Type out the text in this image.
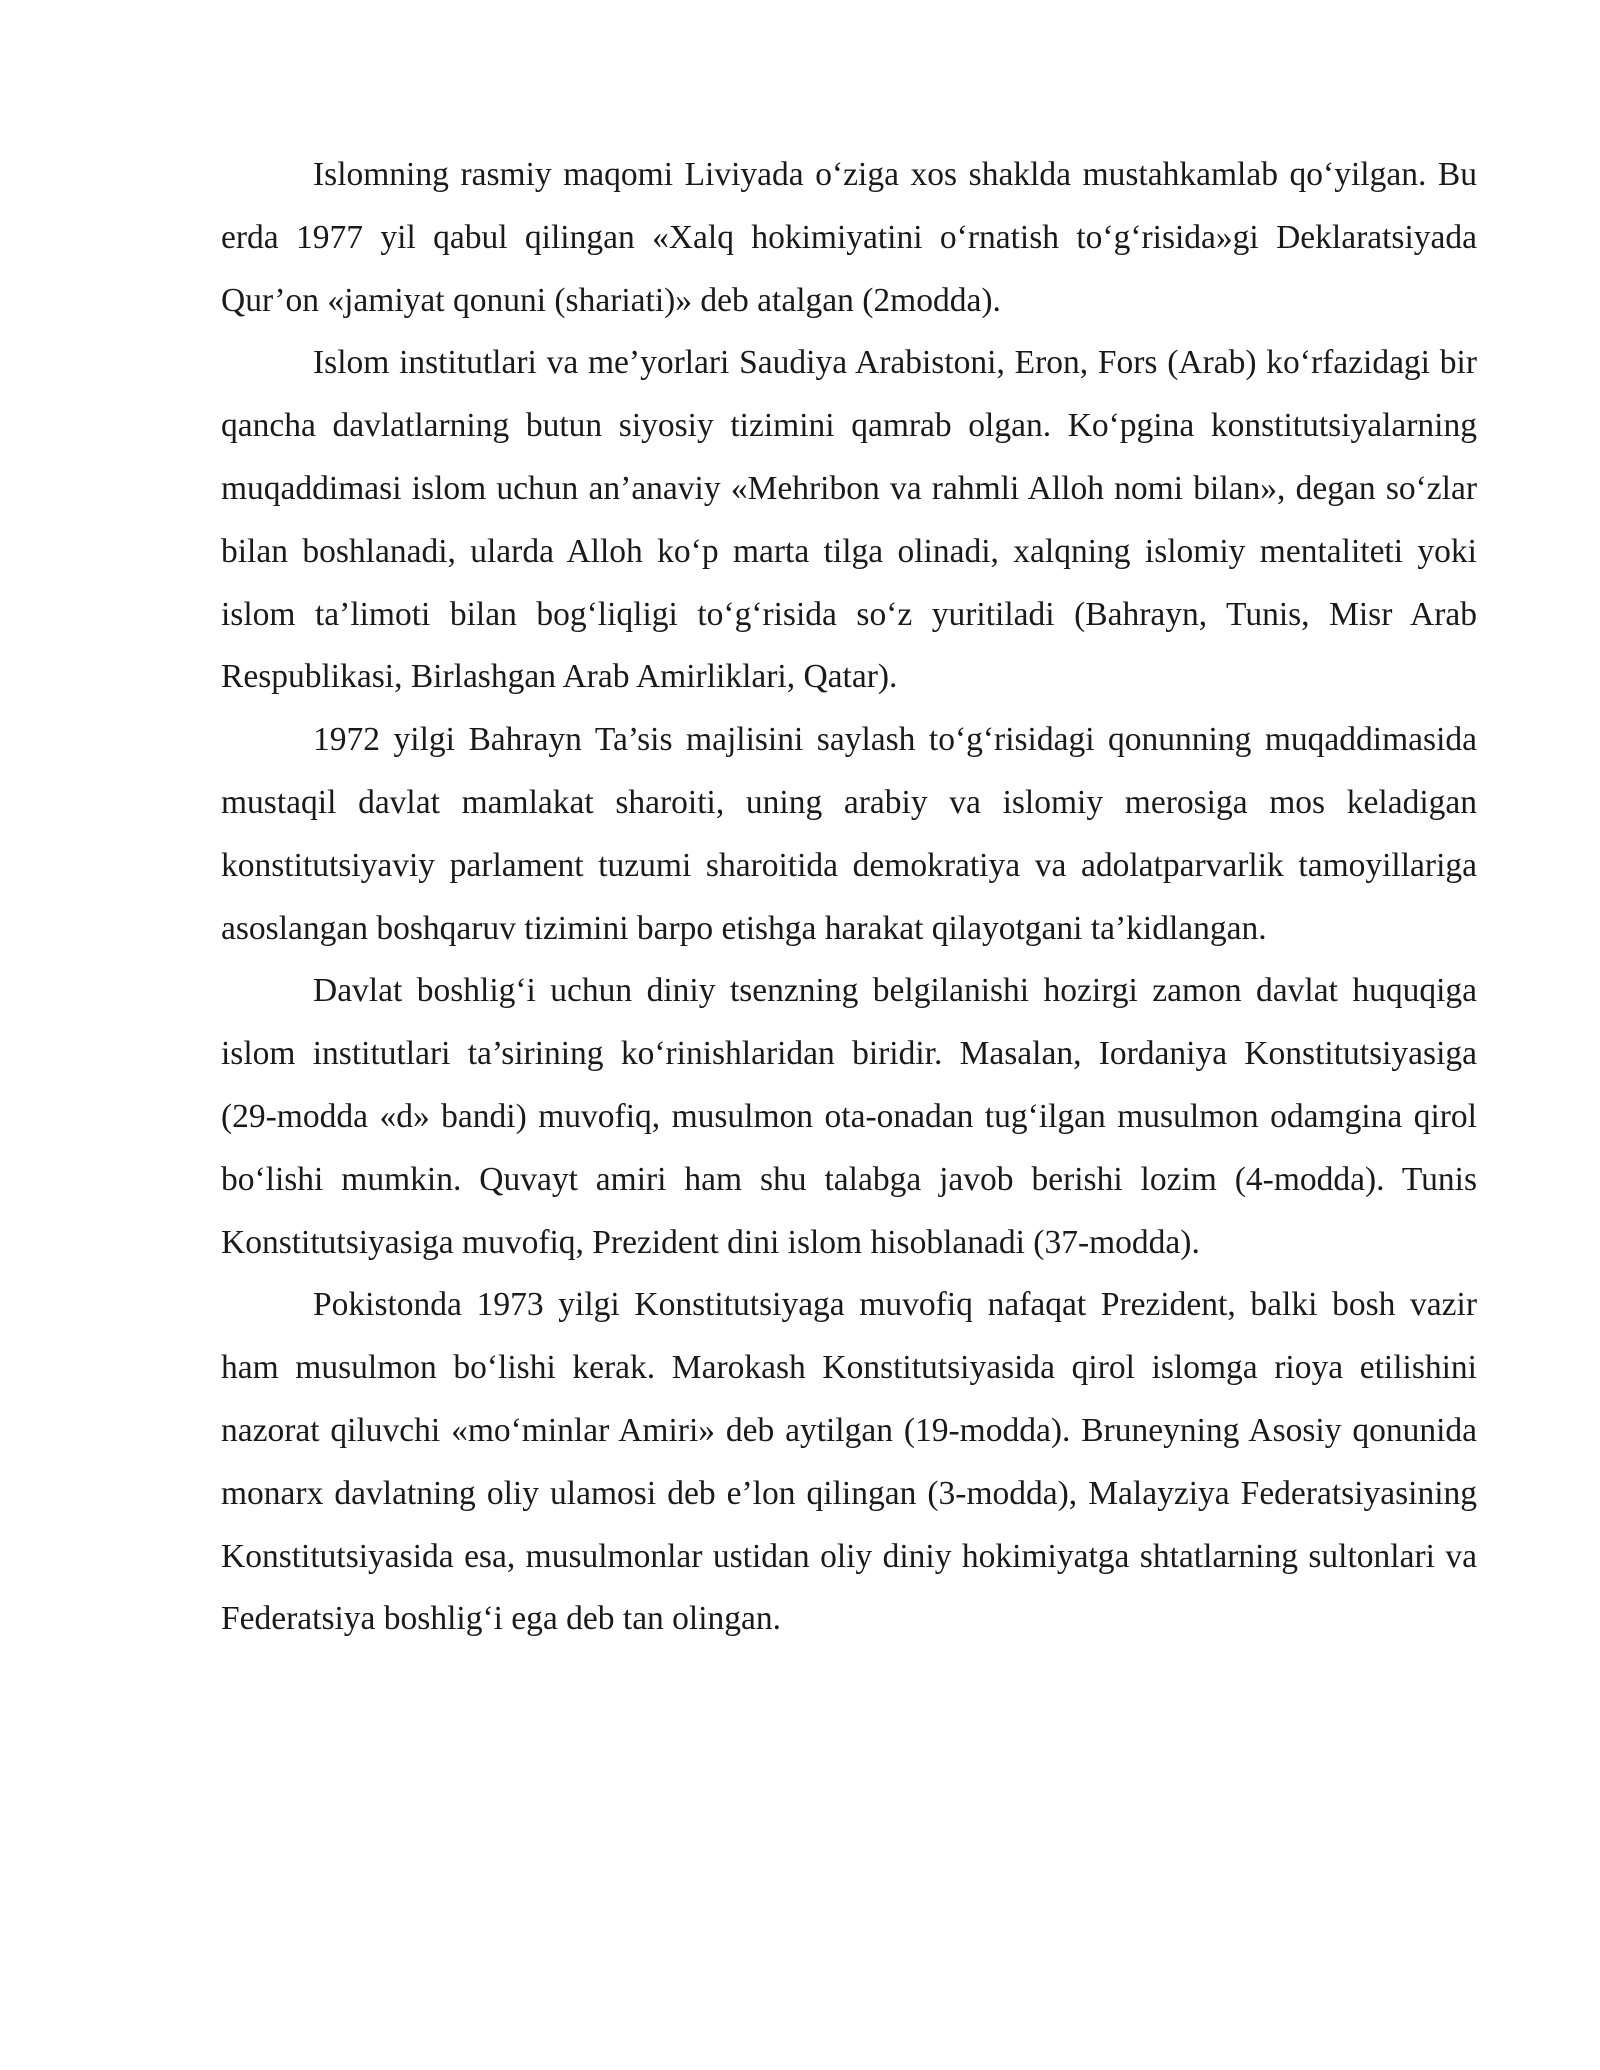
Islomning rasmiy maqomi Liviyada o‘ziga xos shaklda mustahkamlab qo‘yilgan. Bu erda 1977 yil qabul qilingan «Xalq hokimiyatini o‘rnatish to‘g‘risida»gi Deklaratsiyada Qur’on «jamiyat qonuni (shariati)» deb atalgan (2modda).

Islom institutlari va me’yorlari Saudiya Arabistoni, Eron, Fors (Arab) ko‘rfazidagi bir qancha davlatlarning butun siyosiy tizimini qamrab olgan. Ko‘pgina konstitutsiyalarning muqaddimasi islom uchun an’anaviy «Mehribon va rahmli Alloh nomi bilan», degan so‘zlar bilan boshlanadi, ularda Alloh ko‘p marta tilga olinadi, xalqning islomiy mentaliteti yoki islom ta’limoti bilan bog‘liqligi to‘g‘risida so‘z yuritiladi (Bahrayn, Tunis, Misr Arab Respublikasi, Birlashgan Arab Amirliklari, Qatar).

1972 yilgi Bahrayn Ta’sis majlisini saylash to‘g‘risidagi qonunning muqaddimasida mustaqil davlat mamlakat sharoiti, uning arabiy va islomiy merosiga mos keladigan konstitutsiyaviy parlament tuzumi sharoitida demokratiya va adolatparvarlik tamoyillariga asoslangan boshqaruv tizimini barpo etishga harakat qilayotgani ta’kidlangan.

Davlat boshlig‘i uchun diniy tsenzning belgilanishi hozirgi zamon davlat huquqiga islom institutlari ta’sirining ko‘rinishlaridan biridir. Masalan, Iordaniya Konstitutsiyasiga (29-modda «d» bandi) muvofiq, musulmon ota-onadan tug‘ilgan musulmon odamgina qirol bo‘lishi mumkin. Quvayt amiri ham shu talabga javob berishi lozim (4-modda). Tunis Konstitutsiyasiga muvofiq, Prezident dini islom hisoblanadi (37-modda).

Pokistonda 1973 yilgi Konstitutsiyaga muvofiq nafaqat Prezident, balki bosh vazir ham musulmon bo‘lishi kerak. Marokash Konstitutsiyasida qirol islomga rioya etilishini nazorat qiluvchi «mo‘minlar Amiri» deb aytilgan (19-modda). Bruneyning Asosiy qonunida monarx davlatning oliy ulamosi deb e’lon qilingan (3-modda), Malayziya Federatsiyasining Konstitutsiyasida esa, musulmonlar ustidan oliy diniy hokimiyatga shtatlarning sultonlari va Federatsiya boshlig‘i ega deb tan olingan.
